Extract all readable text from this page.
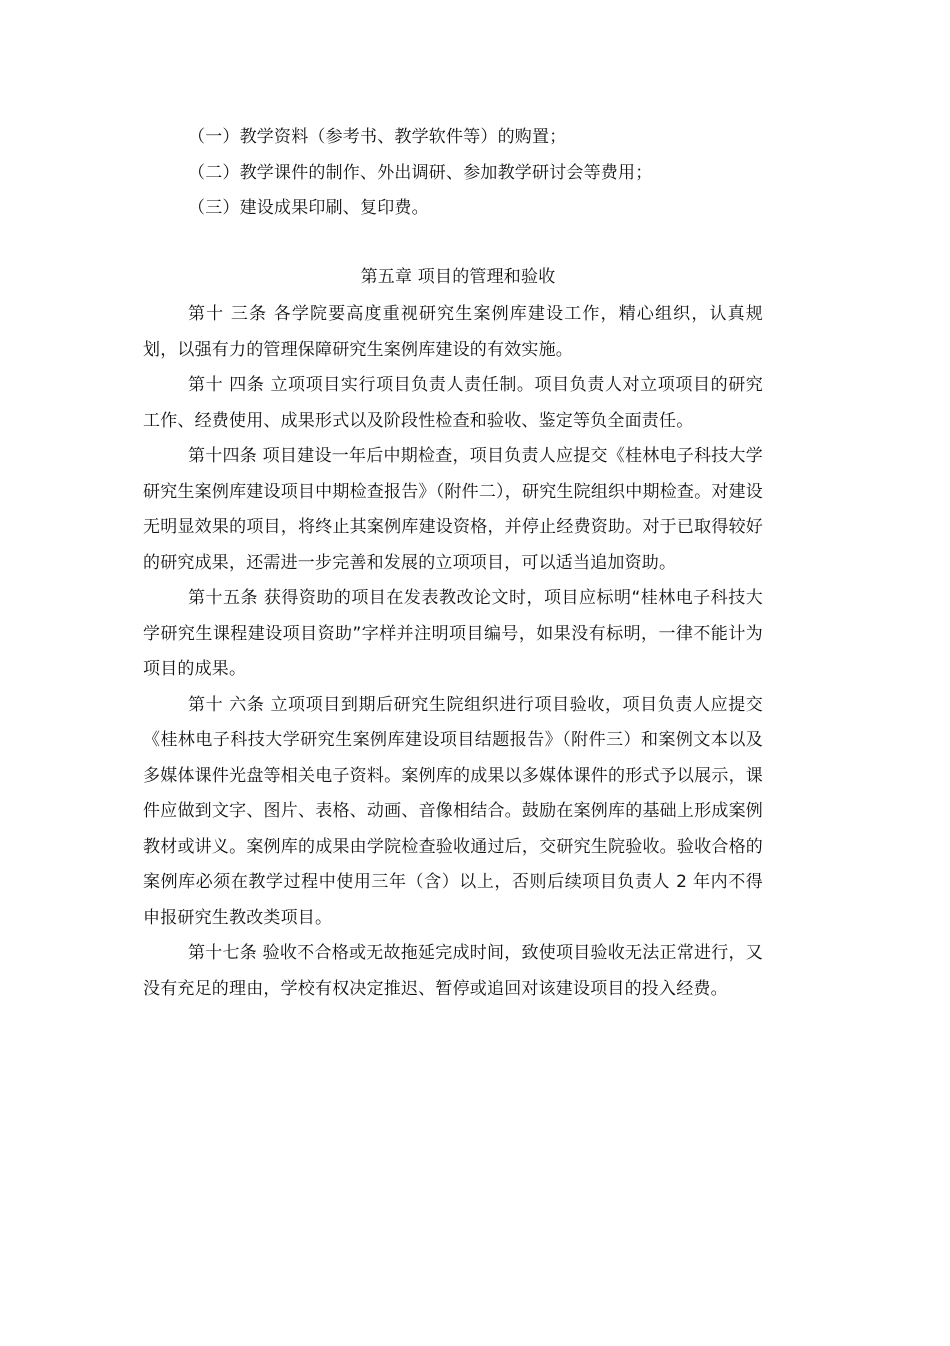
（一）教学资料（参考书、教学软件等）的购置；

（二）教学课件的制作、外出调研、参加教学研讨会等费用；

（三）建设成果印刷、复印费。

第五章 项目的管理和验收

第十 三条 各学院要高度重视研究生案例库建设工作，精心组织，认真规划，以强有力的管理保障研究生案例库建设的有效实施。

第十 四条 立项项目实行项目负责人责任制。项目负责人对立项项目的研究工作、经费使用、成果形式以及阶段性检查和验收、鉴定等负全面责任。

第十四条 项目建设一年后中期检查，项目负责人应提交《桂林电子科技大学研究生案例库建设项目中期检查报告》（附件二），研究生院组织中期检查。对建设无明显效果的项目，将终止其案例库建设资格，并停止经费资助。对于已取得较好的研究成果，还需进一步完善和发展的立项项目，可以适当追加资助。

第十五条 获得资助的项目在发表教改论文时，项目应标明“桂林电子科技大学研究生课程建设项目资助”字样并注明项目编号，如果没有标明，一律不能计为项目的成果。

第十 六条 立项项目到期后研究生院组织进行项目验收，项目负责人应提交《桂林电子科技大学研究生案例库建设项目结题报告》（附件三）和案例文本以及多媒体课件光盘等相关电子资料。案例库的成果以多媒体课件的形式予以展示，课件应做到文字、图片、表格、动画、音像相结合。鼓励在案例库的基础上形成案例教材或讲义。案例库的成果由学院检查验收通过后，交研究生院验收。验收合格的案例库必须在教学过程中使用三年（含）以上，否则后续项目负责人 2 年内不得申报研究生教改类项目。

第十七条 验收不合格或无故拖延完成时间，致使项目验收无法正常进行，又没有充足的理由，学校有权决定推迟、暂停或追回对该建设项目的投入经费。
